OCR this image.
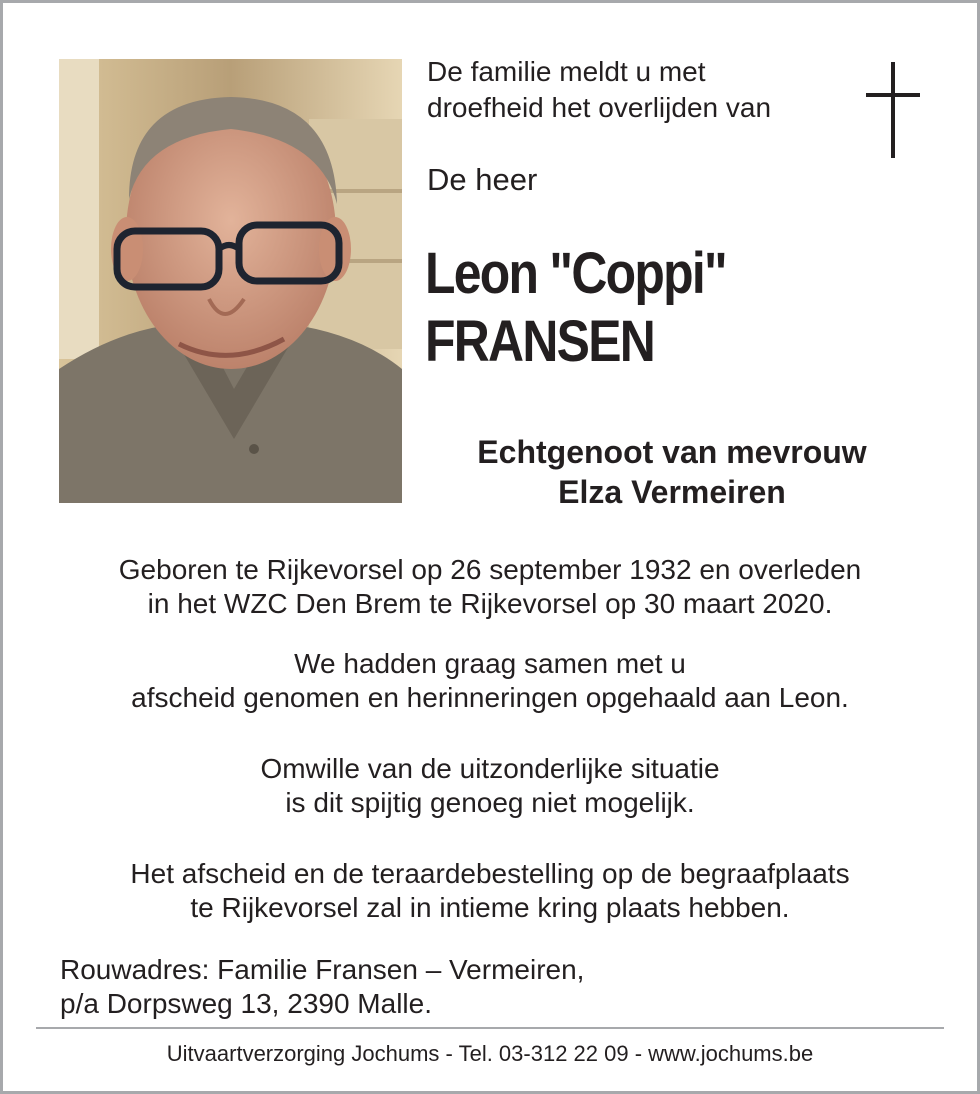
De familie meldt u met
droefheid het overlijden van

De heer

Leon "Coppi"
FRANSEN

Echtgenoot van mevrouw
Elza Vermeiren

Geboren te Rijkevorsel op 26 september 1932 en overleden
in het WZC Den Brem te Rijkevorsel op 30 maart 2020.

We hadden graag samen met u
afscheid genomen en herinneringen opgehaald aan Leon.

Omwille van de uitzonderlijke situatie
is dit spijtig genoeg niet mogelijk.

Het afscheid en de teraardebestelling op de begraafplaats
te Rijkevorsel zal in intieme kring plaats hebben.

Rouwadres: Familie Fransen – Vermeiren,
p/a Dorpsweg 13, 2390 Malle.

Uitvaartverzorging Jochums - Tel. 03-312 22 09 - www.jochums.be
